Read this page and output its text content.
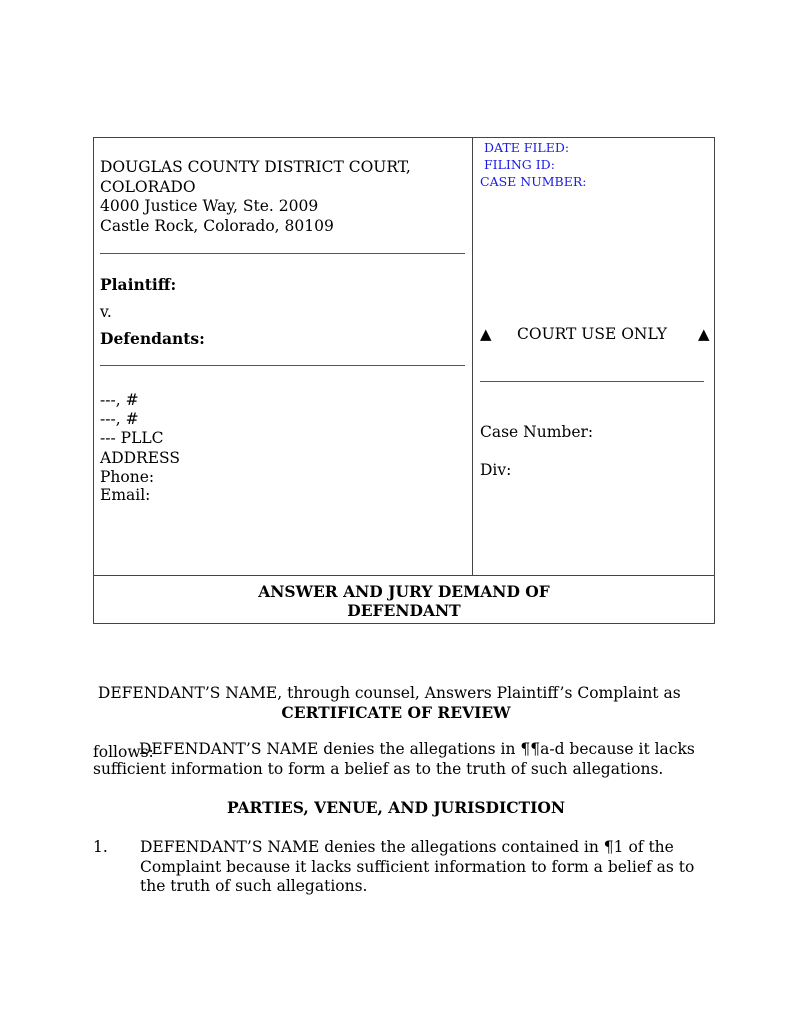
DOUGLAS COUNTY DISTRICT COURT,
COLORADO
4000 Justice Way, Ste. 2009
Castle Rock, Colorado, 80109
Plaintiff:
v.
Defendants:
---, #
---, #
--- PLLC
ADDRESS
Phone:
Email:
DATE FILED:
FILING ID:
CASE NUMBER:
▲ COURT USE ONLY ▲
Case Number:
Div:
ANSWER AND JURY DEMAND OF
DEFENDANT

DEFENDANT’S NAME, through counsel, Answers Plaintiff’s Complaint as

follows:

CERTIFICATE OF REVIEW
DEFENDANT’S NAME denies the allegations in ¶¶a-d because it lacks
sufficient information to form a belief as to the truth of such allegations.
PARTIES, VENUE, AND JURISDICTION
1. DEFENDANT’S NAME denies the allegations contained in ¶1 of the
Complaint because it lacks sufficient information to form a belief as to
the truth of such allegations.
